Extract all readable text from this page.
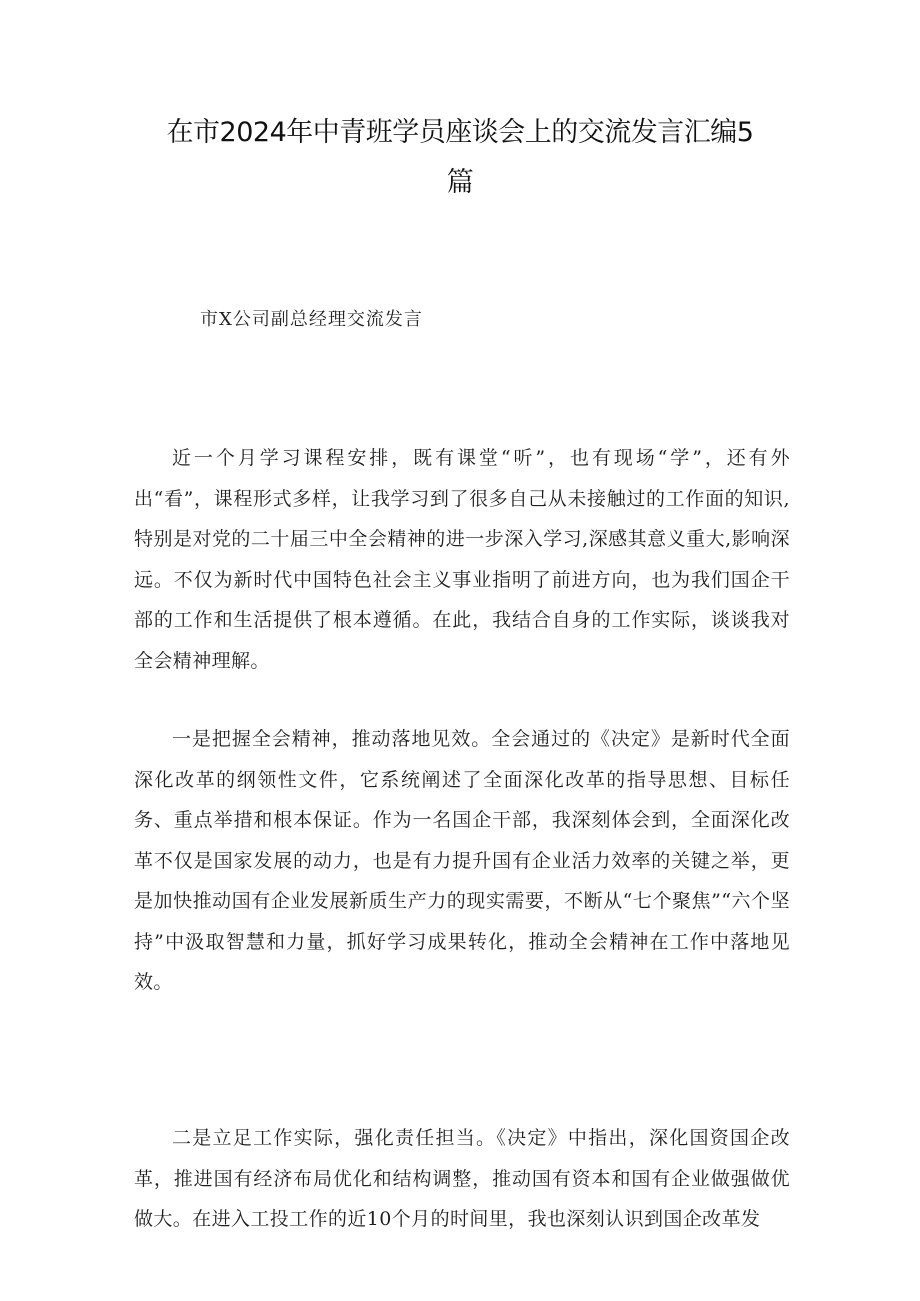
在市2024年中青班学员座谈会上的交流发言汇编5篇
市X公司副总经理交流发言
近一个月学习课程安排，既有课堂“听”，也有现场“学”，还有外出“看”，课程形式多样，让我学习到了很多自己从未接触过的工作面的知识,特别是对党的二十届三中全会精神的进一步深入学习,深感其意义重大,影响深远。不仅为新时代中国特色社会主义事业指明了前进方向，也为我们国企干部的工作和生活提供了根本遵循。在此，我结合自身的工作实际，谈谈我对全会精神理解。
一是把握全会精神，推动落地见效。全会通过的《决定》是新时代全面深化改革的纲领性文件，它系统阐述了全面深化改革的指导思想、目标任务、重点举措和根本保证。作为一名国企干部，我深刻体会到，全面深化改革不仅是国家发展的动力，也是有力提升国有企业活力效率的关键之举，更是加快推动国有企业发展新质生产力的现实需要，不断从“七个聚焦”“六个坚持”中汲取智慧和力量，抓好学习成果转化，推动全会精神在工作中落地见效。
二是立足工作实际，强化责任担当。《决定》中指出，深化国资国企改革，推进国有经济布局优化和结构调整，推动国有资本和国有企业做强做优做大。在进入工投工作的近10个月的时间里，我也深刻认识到国企改革发
